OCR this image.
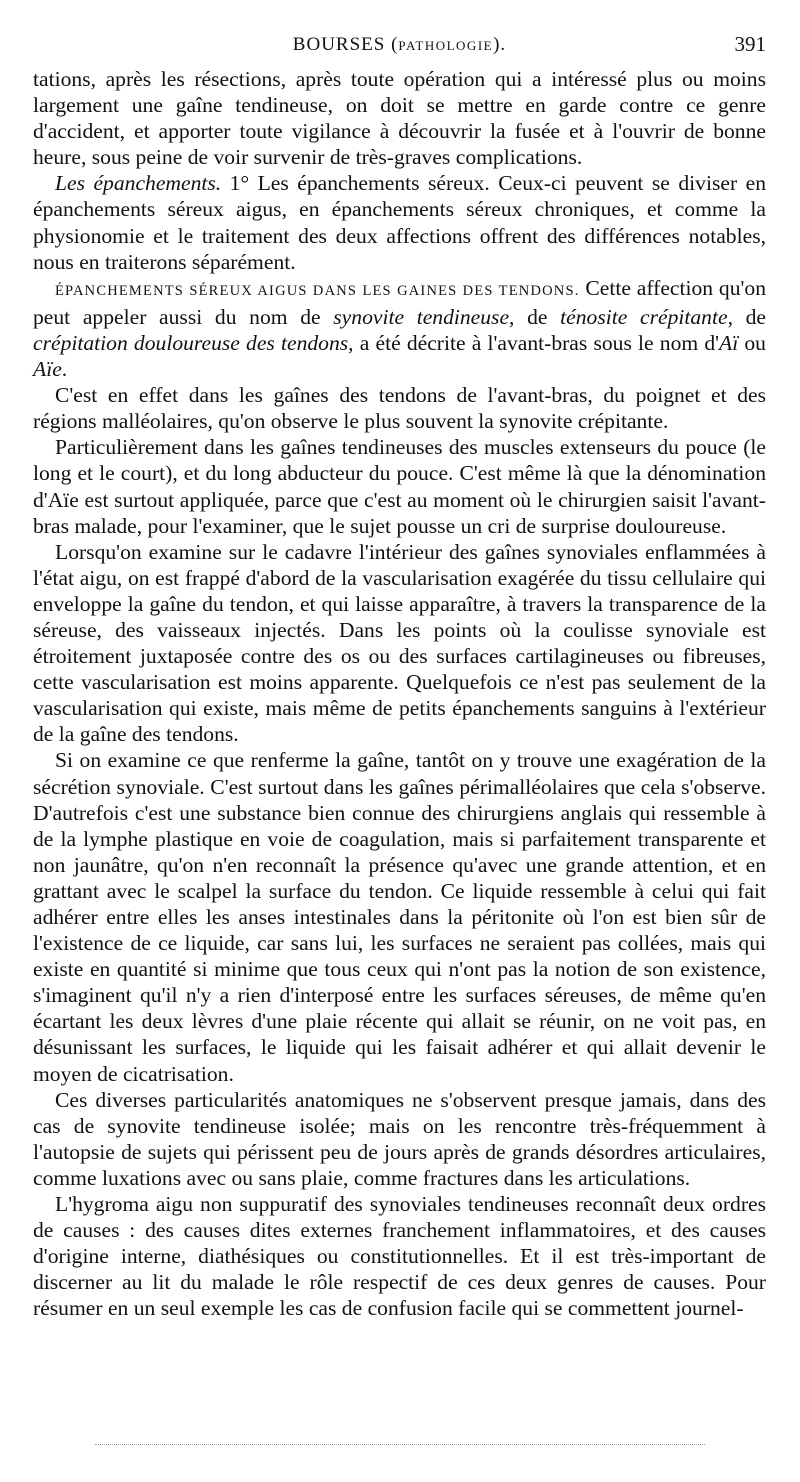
BOURSES (PATHOLOGIE).	391

tations, après les résections, après toute opération qui a intéressé plus ou moins largement une gaîne tendineuse, on doit se mettre en garde contre ce genre d'accident, et apporter toute vigilance à découvrir la fusée et à l'ouvrir de bonne heure, sous peine de voir survenir de très-graves complications.

Les épanchements. 1° Les épanchements séreux. Ceux-ci peuvent se diviser en épanchements séreux aigus, en épanchements séreux chroniques, et comme la physionomie et le traitement des deux affections offrent des différences notables, nous en traiterons séparément.

ÉPANCHEMENTS SÉREUX AIGUS DANS LES GAINES DES TENDONS. Cette affection qu'on peut appeler aussi du nom de synovite tendineuse, de ténosite crépitante, de crépitation douloureuse des tendons, a été décrite à l'avant-bras sous le nom d'Aï ou Aïe.

C'est en effet dans les gaînes des tendons de l'avant-bras, du poignet et des régions malléolaires, qu'on observe le plus souvent la synovite crépitante.

Particulièrement dans les gaînes tendineuses des muscles extenseurs du pouce (le long et le court), et du long abducteur du pouce. C'est même là que la dénomination d'Aïe est surtout appliquée, parce que c'est au moment où le chirurgien saisit l'avant-bras malade, pour l'examiner, que le sujet pousse un cri de surprise douloureuse.

Lorsqu'on examine sur le cadavre l'intérieur des gaînes synoviales enflammées à l'état aigu, on est frappé d'abord de la vascularisation exagérée du tissu cellulaire qui enveloppe la gaîne du tendon, et qui laisse apparaître, à travers la transparence de la séreuse, des vaisseaux injectés. Dans les points où la coulisse synoviale est étroitement juxtaposée contre des os ou des surfaces cartilagineuses ou fibreuses, cette vascularisation est moins apparente. Quelquefois ce n'est pas seulement de la vascularisation qui existe, mais même de petits épanchements sanguins à l'extérieur de la gaîne des tendons.

Si on examine ce que renferme la gaîne, tantôt on y trouve une exagération de la sécrétion synoviale. C'est surtout dans les gaînes périmalléolaires que cela s'observe. D'autrefois c'est une substance bien connue des chirurgiens anglais qui ressemble à de la lymphe plastique en voie de coagulation, mais si parfaitement transparente et non jaunâtre, qu'on n'en reconnaît la présence qu'avec une grande attention, et en grattant avec le scalpel la surface du tendon. Ce liquide ressemble à celui qui fait adhérer entre elles les anses intestinales dans la péritonite où l'on est bien sûr de l'existence de ce liquide, car sans lui, les surfaces ne seraient pas collées, mais qui existe en quantité si minime que tous ceux qui n'ont pas la notion de son existence, s'imaginent qu'il n'y a rien d'interposé entre les surfaces séreuses, de même qu'en écartant les deux lèvres d'une plaie récente qui allait se réunir, on ne voit pas, en désunissant les surfaces, le liquide qui les faisait adhérer et qui allait devenir le moyen de cicatrisation.

Ces diverses particularités anatomiques ne s'observent presque jamais, dans des cas de synovite tendineuse isolée; mais on les rencontre très-fréquemment à l'autopsie de sujets qui périssent peu de jours après de grands désordres articulaires, comme luxations avec ou sans plaie, comme fractures dans les articulations.

L'hygroma aigu non suppuratif des synoviales tendineuses reconnaît deux ordres de causes : des causes dites externes franchement inflammatoires, et des causes d'origine interne, diathésiques ou constitutionnelles. Et il est très-important de discerner au lit du malade le rôle respectif de ces deux genres de causes. Pour résumer en un seul exemple les cas de confusion facile qui se commettent journel-
